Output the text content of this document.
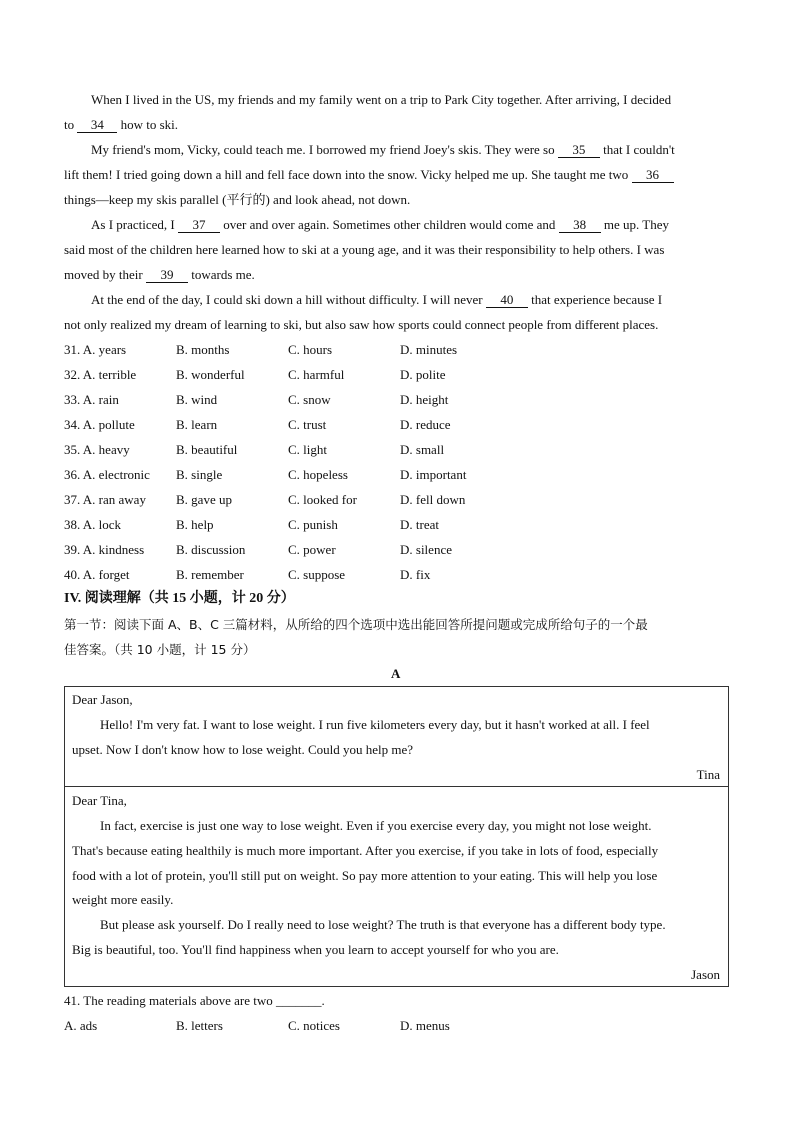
When I lived in the US, my friends and my family went on a trip to Park City together. After arriving, I decided
to 34 how to ski.
My friend's mom, Vicky, could teach me. I borrowed my friend Joey's skis. They were so 35 that I couldn't
lift them! I tried going down a hill and fell face down into the snow. Vicky helped me up. She taught me two 36
things—keep my skis parallel (平行的) and look ahead, not down.
As I practiced, I 37 over and over again. Sometimes other children would come and 38 me up. They
said most of the children here learned how to ski at a young age, and it was their responsibility to help others. I was
moved by their 39 towards me.
At the end of the day, I could ski down a hill without difficulty. I will never 40 that experience because I
not only realized my dream of learning to ski, but also saw how sports could connect people from different places.
31. A. years	B. months	C. hours	D. minutes
32. A. terrible	B. wonderful	C. harmful	D. polite
33. A. rain	B. wind	C. snow	D. height
34. A. pollute	B. learn	C. trust	D. reduce
35. A. heavy	B. beautiful	C. light	D. small
36. A. electronic B. single	C. hopeless	D. important
37. A. ran away B. gave up	C. looked for	D. fell down
38. A. lock	B. help	C. punish	D. treat
39. A. kindness B. discussion	C. power	D. silence
40. A. forget	B. remember	C. suppose	D. fix
IV. 阅读理解（共 15 小题，计 20 分）
第一节：阅读下面 A、B、C 三篇材料，从所给的四个选项中选出能回答所提问题或完成所给句子的一个最
佳答案。（共 10 小题，计 15 分）
A
Dear Jason,
Hello! I'm very fat. I want to lose weight. I run five kilometers every day, but it hasn't worked at all. I feel
upset. Now I don't know how to lose weight. Could you help me?
Tina
Dear Tina,
In fact, exercise is just one way to lose weight. Even if you exercise every day, you might not lose weight.
That's because eating healthily is much more important. After you exercise, if you take in lots of food, especially
food with a lot of protein, you'll still put on weight. So pay more attention to your eating. This will help you lose
weight more easily.
But please ask yourself. Do I really need to lose weight? The truth is that everyone has a different body type.
Big is beautiful, too. You'll find happiness when you learn to accept yourself for who you are.
Jason
41. The reading materials above are two _______.
A. ads	B. letters	C. notices	D. menus
